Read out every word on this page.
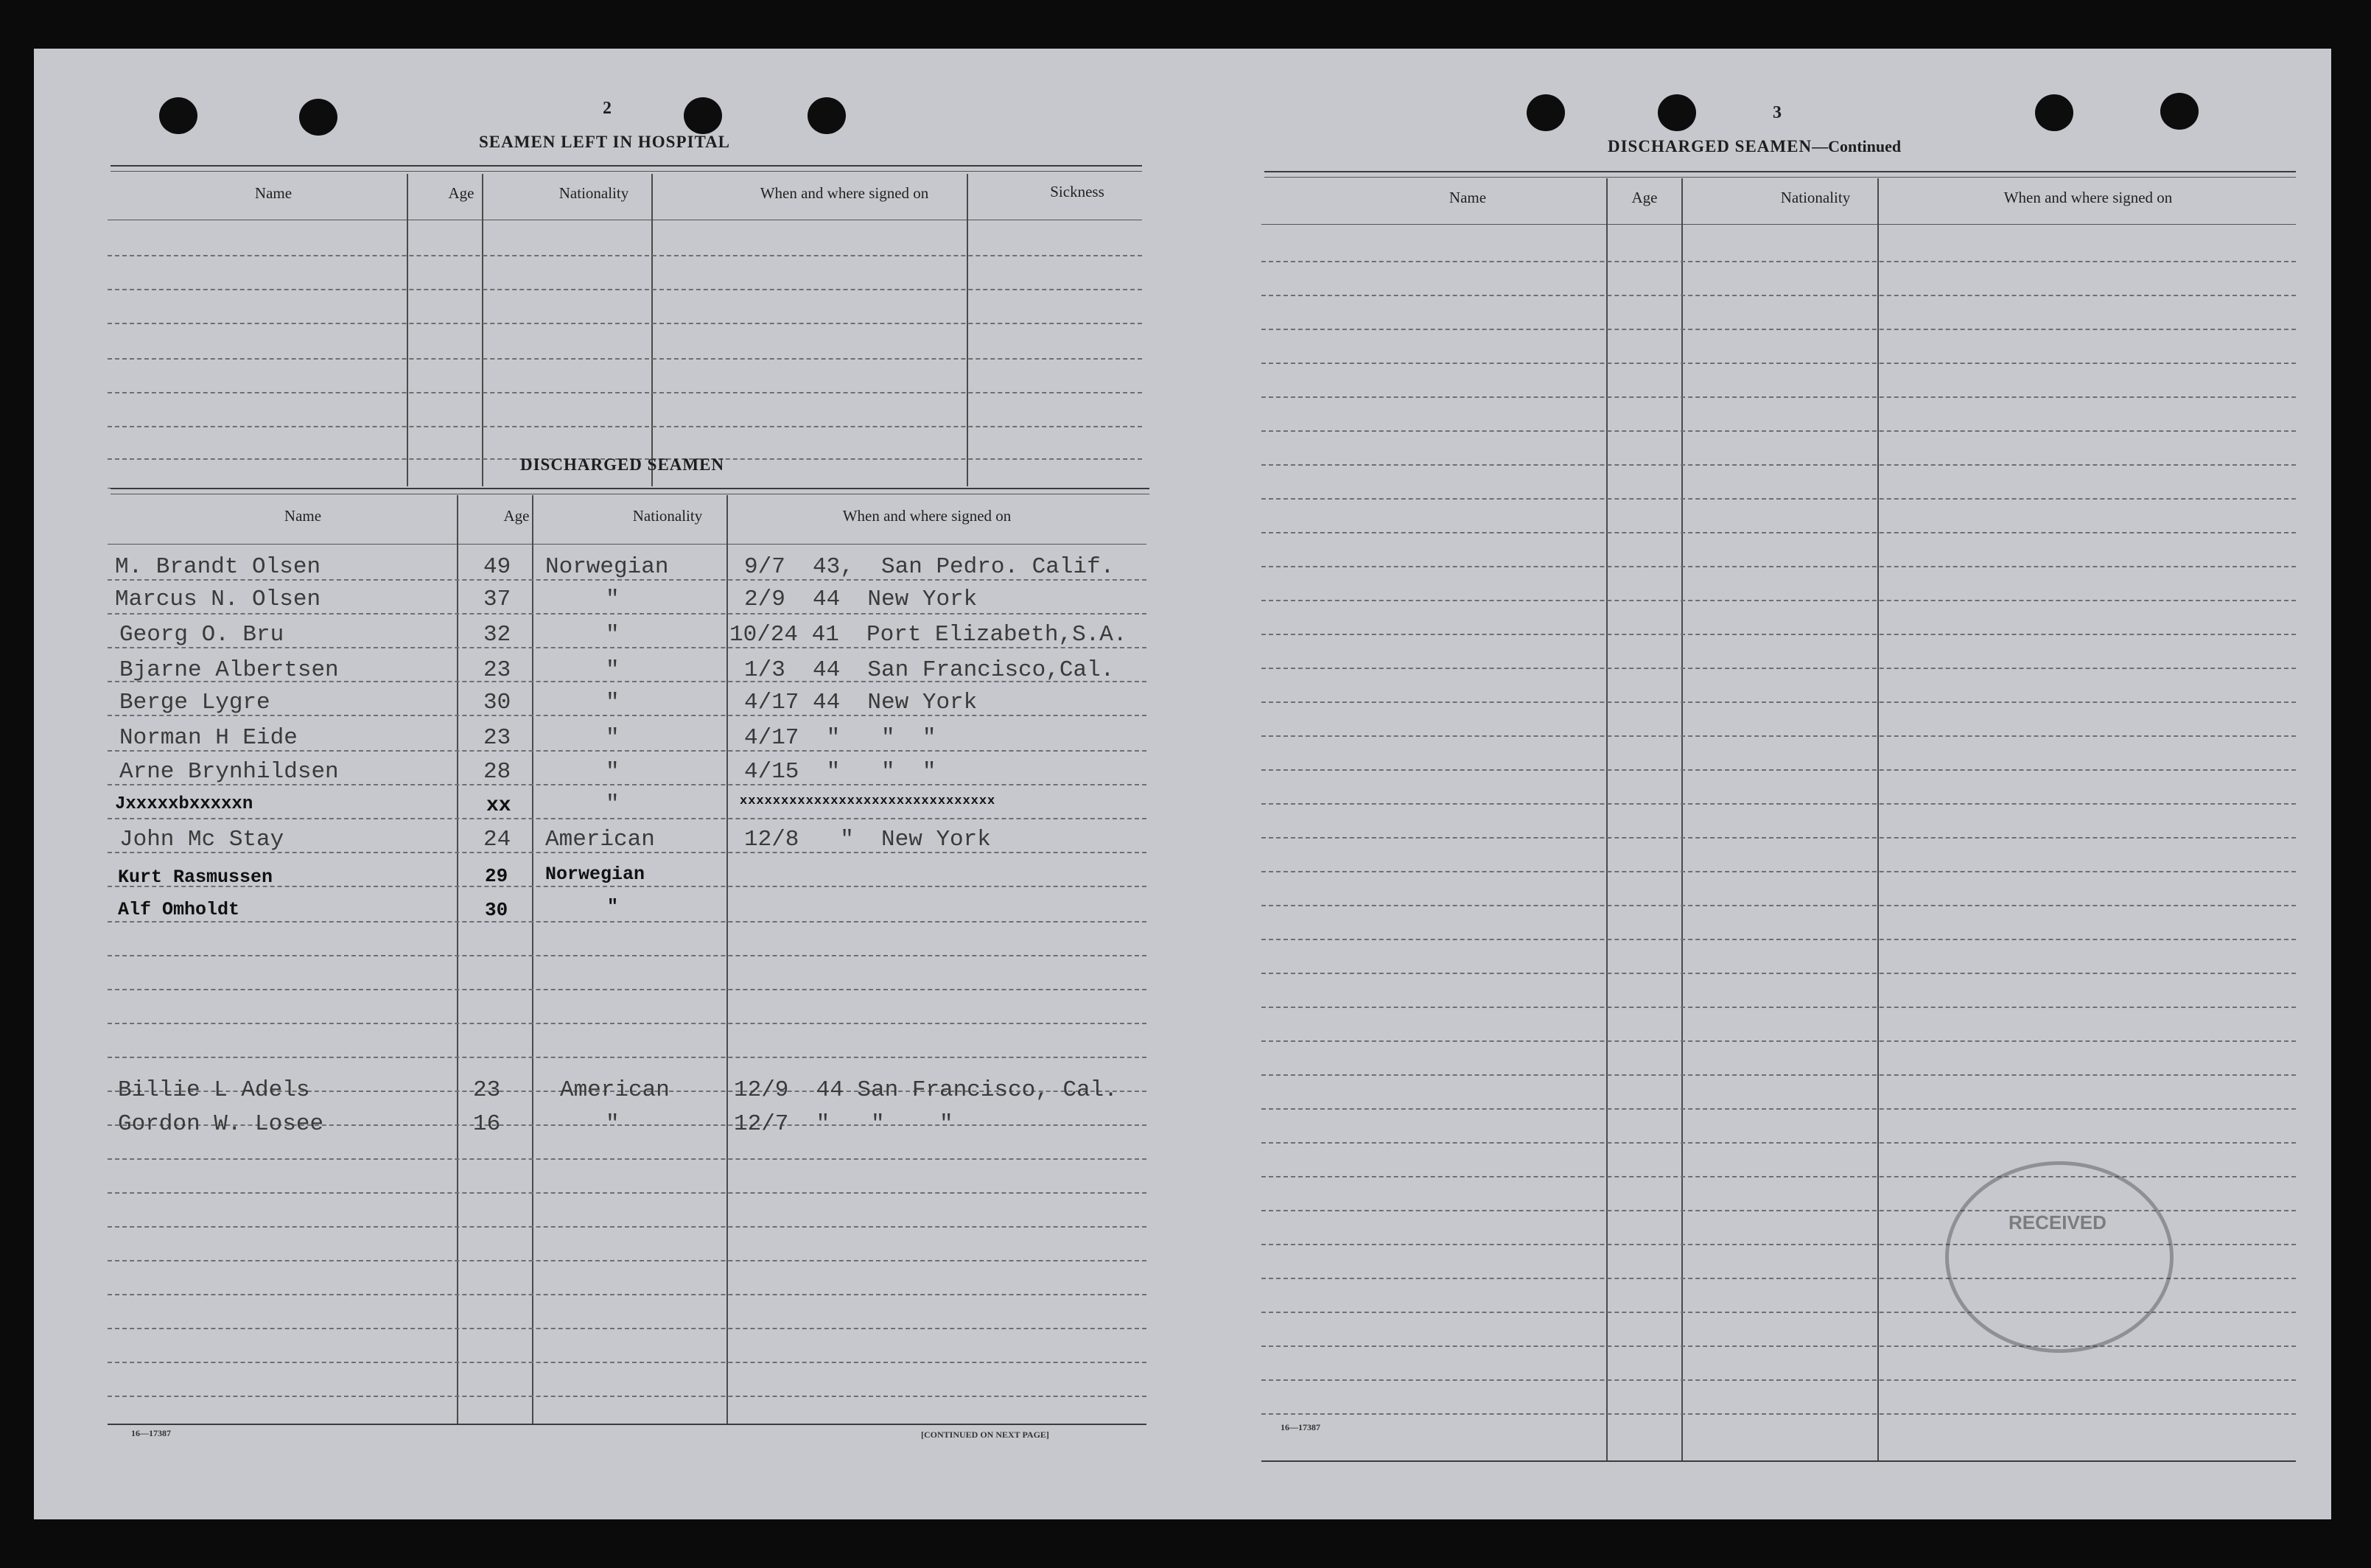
2
SEAMEN LEFT IN HOSPITAL
Name	Age	Nationality	When and where signed on	Sickness
DISCHARGED SEAMEN
Name	Age	Nationality	When and where signed on
M. Brandt Olsen	49 Norwegian	9/7  43,  San Pedro. Calif.
Marcus N. Olsen	37	"	2/9  44  New York
Georg O. Bru	32	"	10/24 41  Port Elizabeth,S.A.
Bjarne Albertsen	23	"	1/3  44  San Francisco,Cal.
Berge Lygre	30	"	4/17 44  New York
Norman H Eide	23	"	4/17  "   "  "
Arne Brynhildsen	28	"	4/15  "   "  "
Jxxxxxbxxxxxn	xx	"	xxxxxxxxxxxxxxxxxxxxxxxxxxxxxxx
John Mc Stay	24 American	12/8   "  New York
Kurt Rasmussen	29 Norwegian
Alf Omholdt	30	"
Billie L Adels	23	American	12/9  44 San Francisco, Cal.
Gordon W. Losee	16	"	12/7  "   "    "
16—17387	[CONTINUED ON NEXT PAGE]
3
DISCHARGED SEAMEN—Continued
Name	Age	Nationality	When and where signed on
RECEIVED
16—17387
